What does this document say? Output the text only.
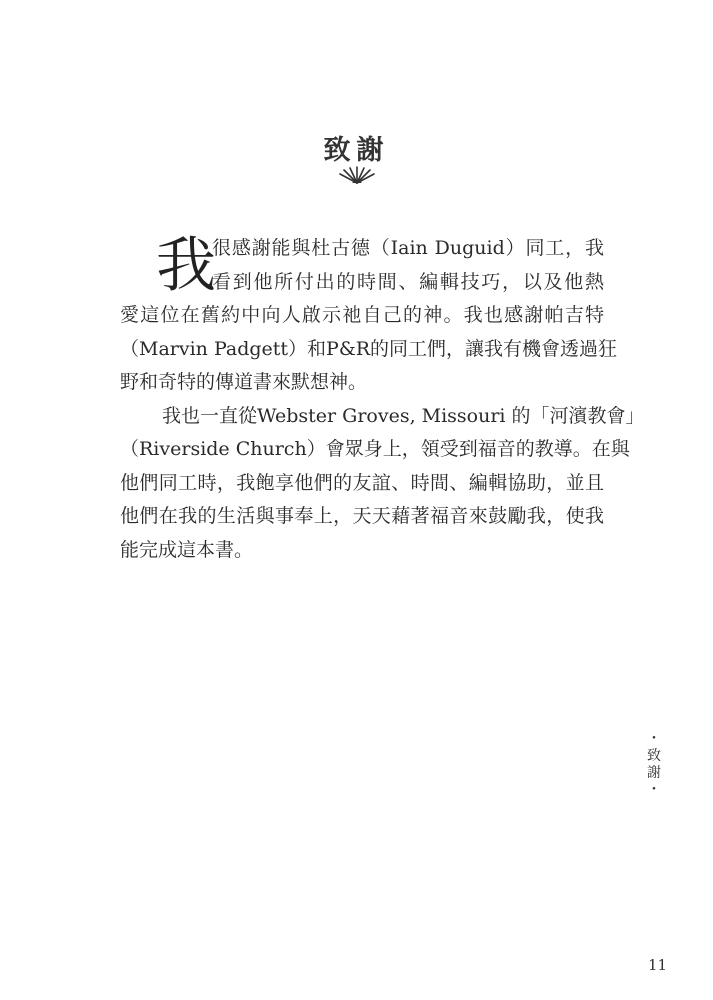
致謝
我
很感謝能與杜古德（Iain Duguid）同工，我
看到他所付出的時間、編輯技巧，以及他熱
愛這位在舊約中向人啟示祂自己的神。我也感謝帕吉特
（Marvin Padgett）和P&R的同工們，讓我有機會透過狂
野和奇特的傳道書來默想神。
我也一直從Webster Groves, Missouri 的「河濱教會」
（Riverside Church）會眾身上，領受到福音的教導。在與
他們同工時，我飽享他們的友誼、時間、編輯協助，並且
他們在我的生活與事奉上，天天藉著福音來鼓勵我，使我
能完成這本書。
・
致
謝
・
11
